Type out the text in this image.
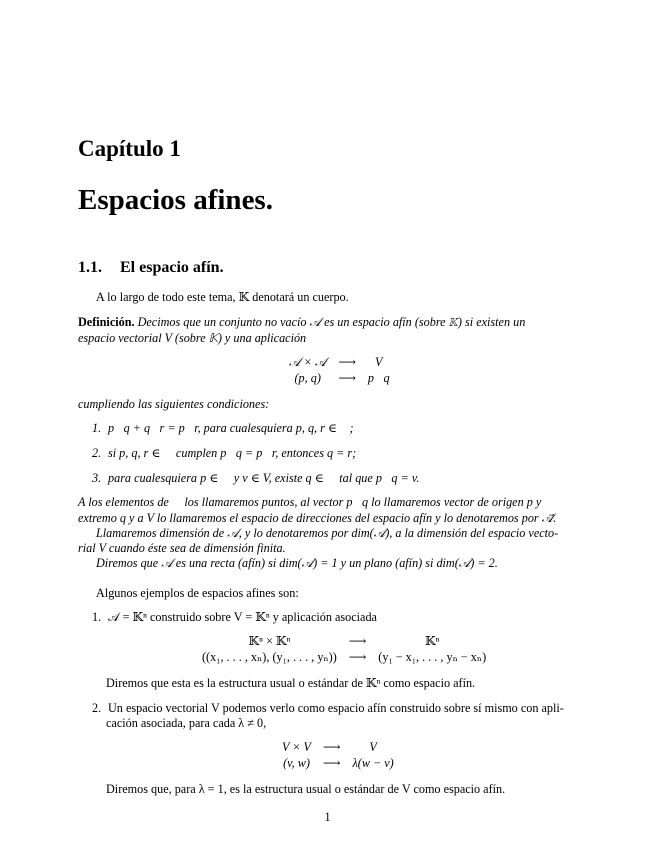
Capítulo 1
Espacios afines.
1.1. El espacio afín.
A lo largo de todo este tema, 𝕂 denotará un cuerpo.
Definición. Decimos que un conjunto no vacío 𝒜 es un espacio afín (sobre 𝕂) si existen un
espacio vectorial V (sobre 𝕂) y una aplicación
𝒜 × 𝒜	⟶	V
(p, q)	⟶	p⃗q
cumpliendo las siguientes condiciones:
1. p⃗q + q⃗r = p⃗r, para cualesquiera p, q, r ∈ 𝒜;
2. si p, q, r ∈ 𝒜 cumplen p⃗q = p⃗r, entonces q = r;
3. para cualesquiera p ∈ 𝒜 y v ∈ V, existe q ∈ 𝒜 tal que p⃗q = v.
A los elementos de 𝒜 los llamaremos puntos, al vector p⃗q lo llamaremos vector de origen p y
extremo q y a V lo llamaremos el espacio de direcciones del espacio afín y lo denotaremos por 𝒜⃗.
Llamaremos dimensión de 𝒜, y lo denotaremos por dim(𝒜), a la dimensión del espacio vecto-
rial V cuando éste sea de dimensión finita.
Diremos que 𝒜 es una recta (afín) si dim(𝒜) = 1 y un plano (afín) si dim(𝒜) = 2.
Algunos ejemplos de espacios afines son:
1. 𝒜 = 𝕂ⁿ construido sobre V = 𝕂ⁿ y aplicación asociada
𝕂ⁿ × 𝕂ⁿ	⟶	𝕂ⁿ
((x₁, . . . , xₙ), (y₁, . . . , yₙ))	⟶	(y₁ − x₁, . . . , yₙ − xₙ)
Diremos que esta es la estructura usual o estándar de 𝕂ⁿ como espacio afín.
2. Un espacio vectorial V podemos verlo como espacio afín construido sobre sí mismo con apli-
cación asociada, para cada λ ≠ 0,
V × V	⟶	V
(v, w)	⟶	λ(w − v)
Diremos que, para λ = 1, es la estructura usual o estándar de V como espacio afín.
1
